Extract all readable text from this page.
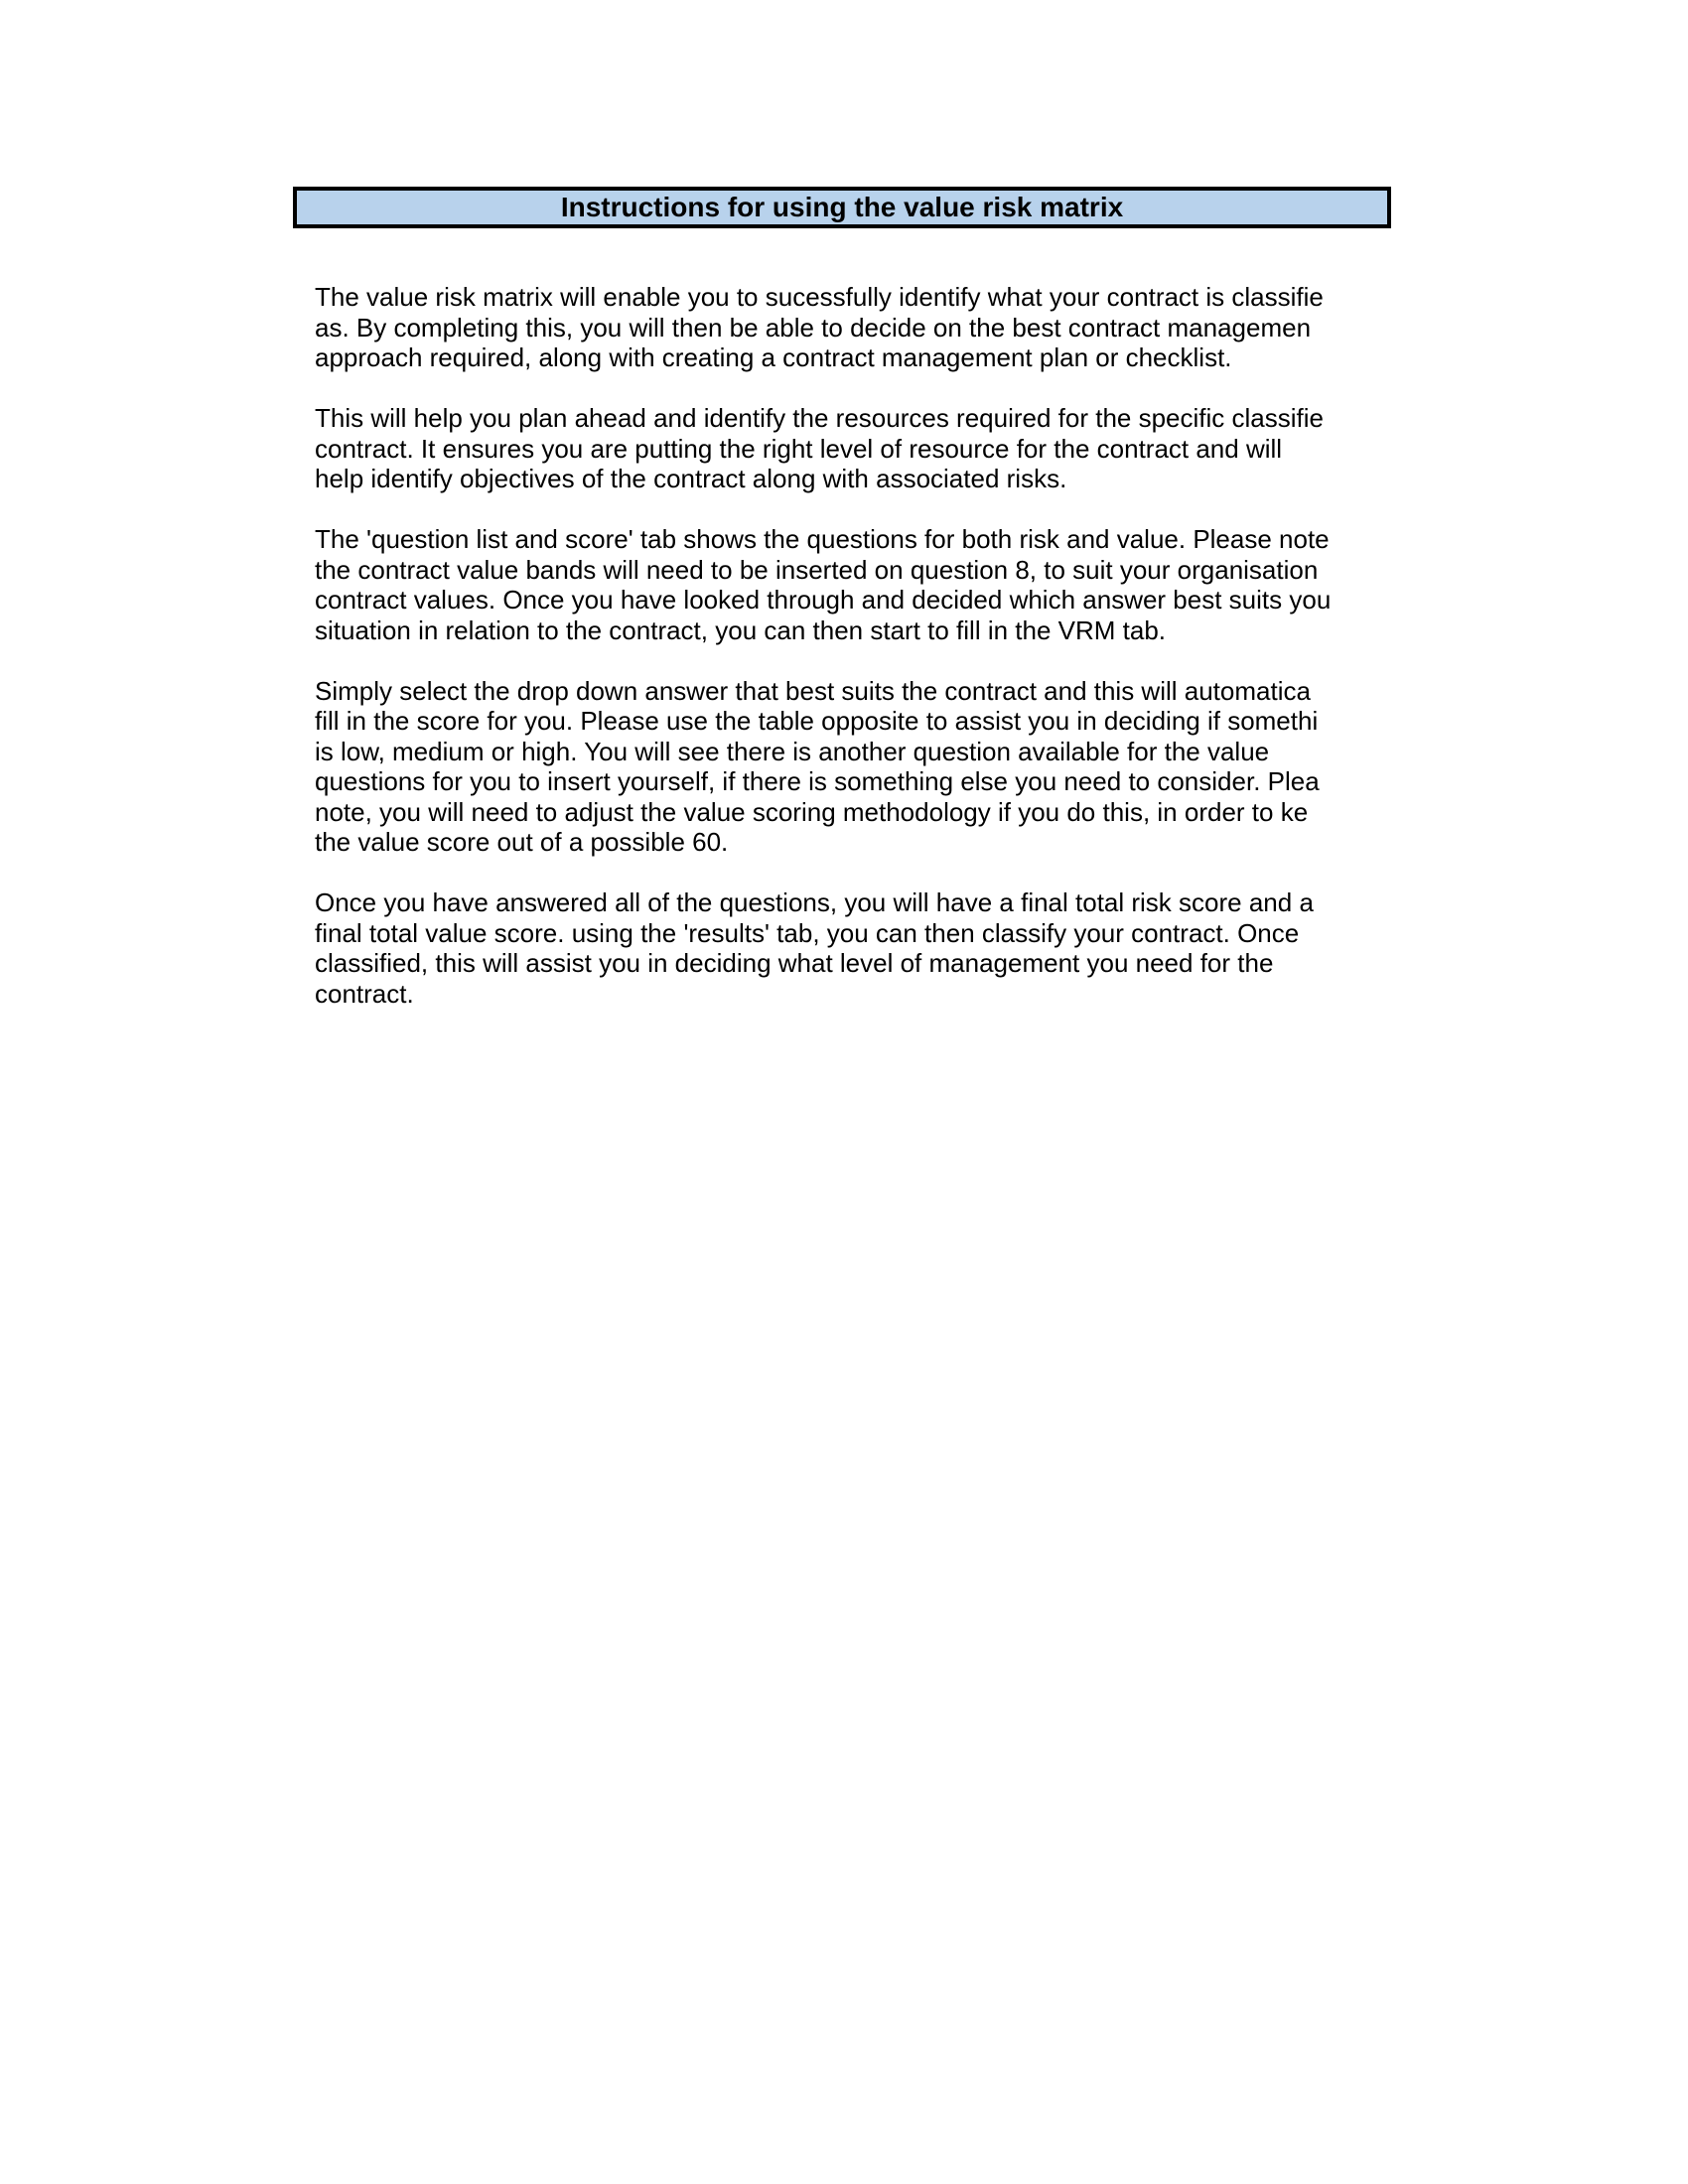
Instructions for using the value risk matrix

The value risk matrix will enable you to sucessfully identify what your contract is classifie
as. By completing this, you will then be able to decide on the best contract managemen
approach required, along with creating a contract management plan or checklist.

This will help you plan ahead and identify the resources required for the specific classifie
contract. It ensures you are putting the right level of resource for the contract and will
help identify objectives of the contract along with associated risks.

The 'question list and score' tab shows the questions for both risk and value. Please note
the contract value bands will need to be inserted on question 8, to suit your organisation
contract values. Once you have looked through and decided which answer best suits you
situation in relation to the contract, you can then start to fill in the VRM tab.

Simply select the drop down answer that best suits the contract and this will automatica
fill in the score for you. Please use the table opposite to assist you in deciding if somethi
is low, medium or high. You will see there is another question available for the value
questions for you to insert yourself, if there is something else you need to consider. Plea
note, you will need to adjust the value scoring methodology if you do this, in order to ke
the value score out of a possible 60.

Once you have answered all of the questions, you will have a final total risk score and a
final total value score. using the 'results' tab, you can then classify your contract. Once
classified, this will assist you in deciding what level of management you need for the
contract.
